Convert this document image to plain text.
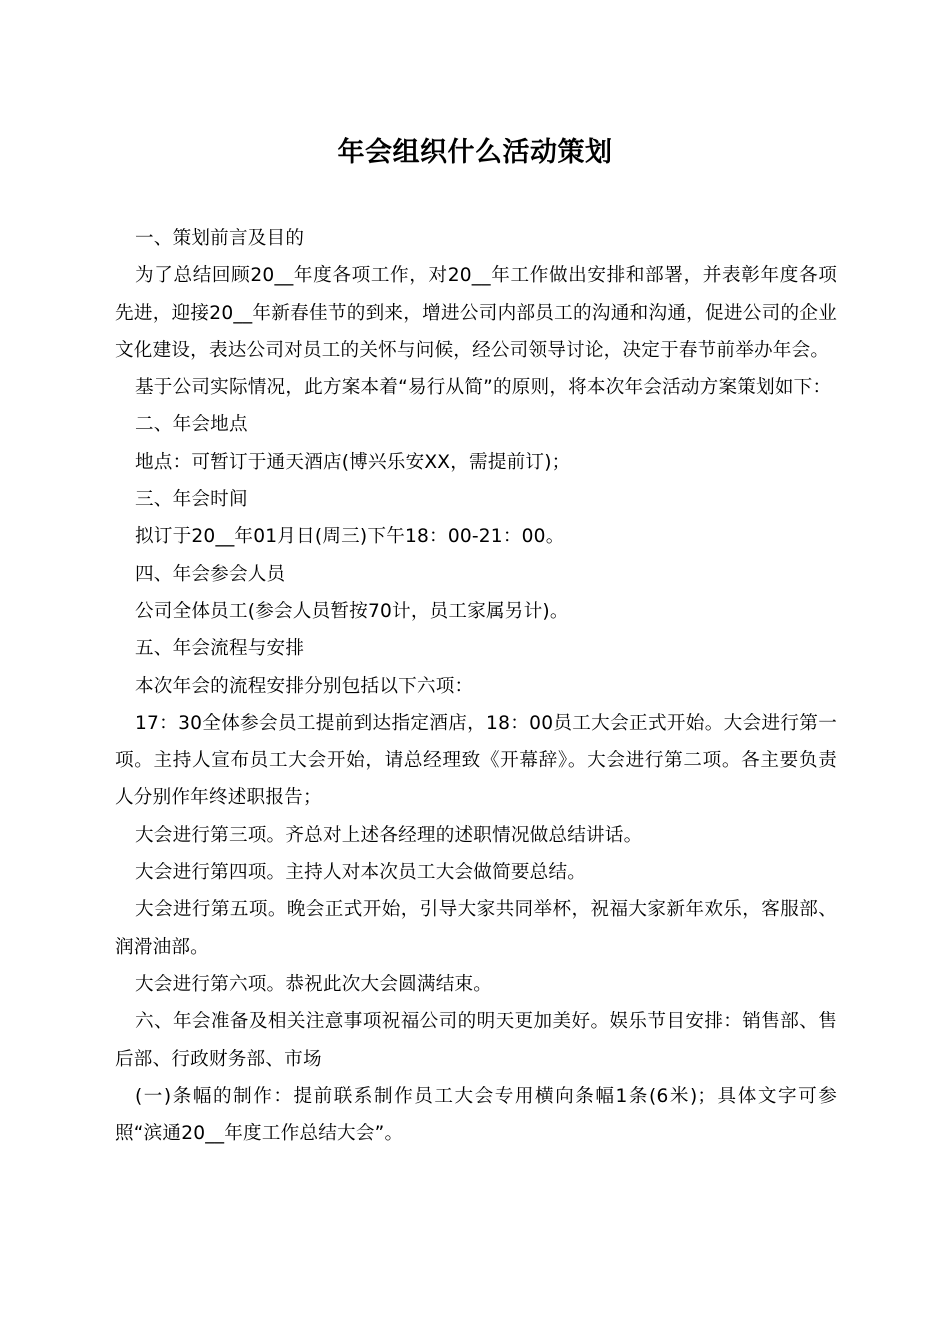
年会组织什么活动策划

一、策划前言及目的

为了总结回顾20__年度各项工作，对20__年工作做出安排和部署，并表彰年度各项先进，迎接20__年新春佳节的到来，增进公司内部员工的沟通和沟通，促进公司的企业文化建设，表达公司对员工的关怀与问候，经公司领导讨论，决定于春节前举办年会。

基于公司实际情况，此方案本着“易行从简”的原则，将本次年会活动方案策划如下：

二、年会地点

地点：可暂订于通天酒店(博兴乐安XX，需提前订)；

三、年会时间

拟订于20__年01月日(周三)下午18：00-21：00。

四、年会参会人员

公司全体员工(参会人员暂按70计，员工家属另计)。

五、年会流程与安排

本次年会的流程安排分别包括以下六项：

17：30全体参会员工提前到达指定酒店，18：00员工大会正式开始。大会进行第一项。主持人宣布员工大会开始，请总经理致《开幕辞》。大会进行第二项。各主要负责人分别作年终述职报告；

大会进行第三项。齐总对上述各经理的述职情况做总结讲话。

大会进行第四项。主持人对本次员工大会做简要总结。

大会进行第五项。晚会正式开始，引导大家共同举杯，祝福大家新年欢乐，客服部、润滑油部。

大会进行第六项。恭祝此次大会圆满结束。

六、年会准备及相关注意事项祝福公司的明天更加美好。娱乐节目安排：销售部、售后部、行政财务部、市场

(一)条幅的制作：提前联系制作员工大会专用横向条幅1条(6米)；具体文字可参照“滨通20__年度工作总结大会”。
